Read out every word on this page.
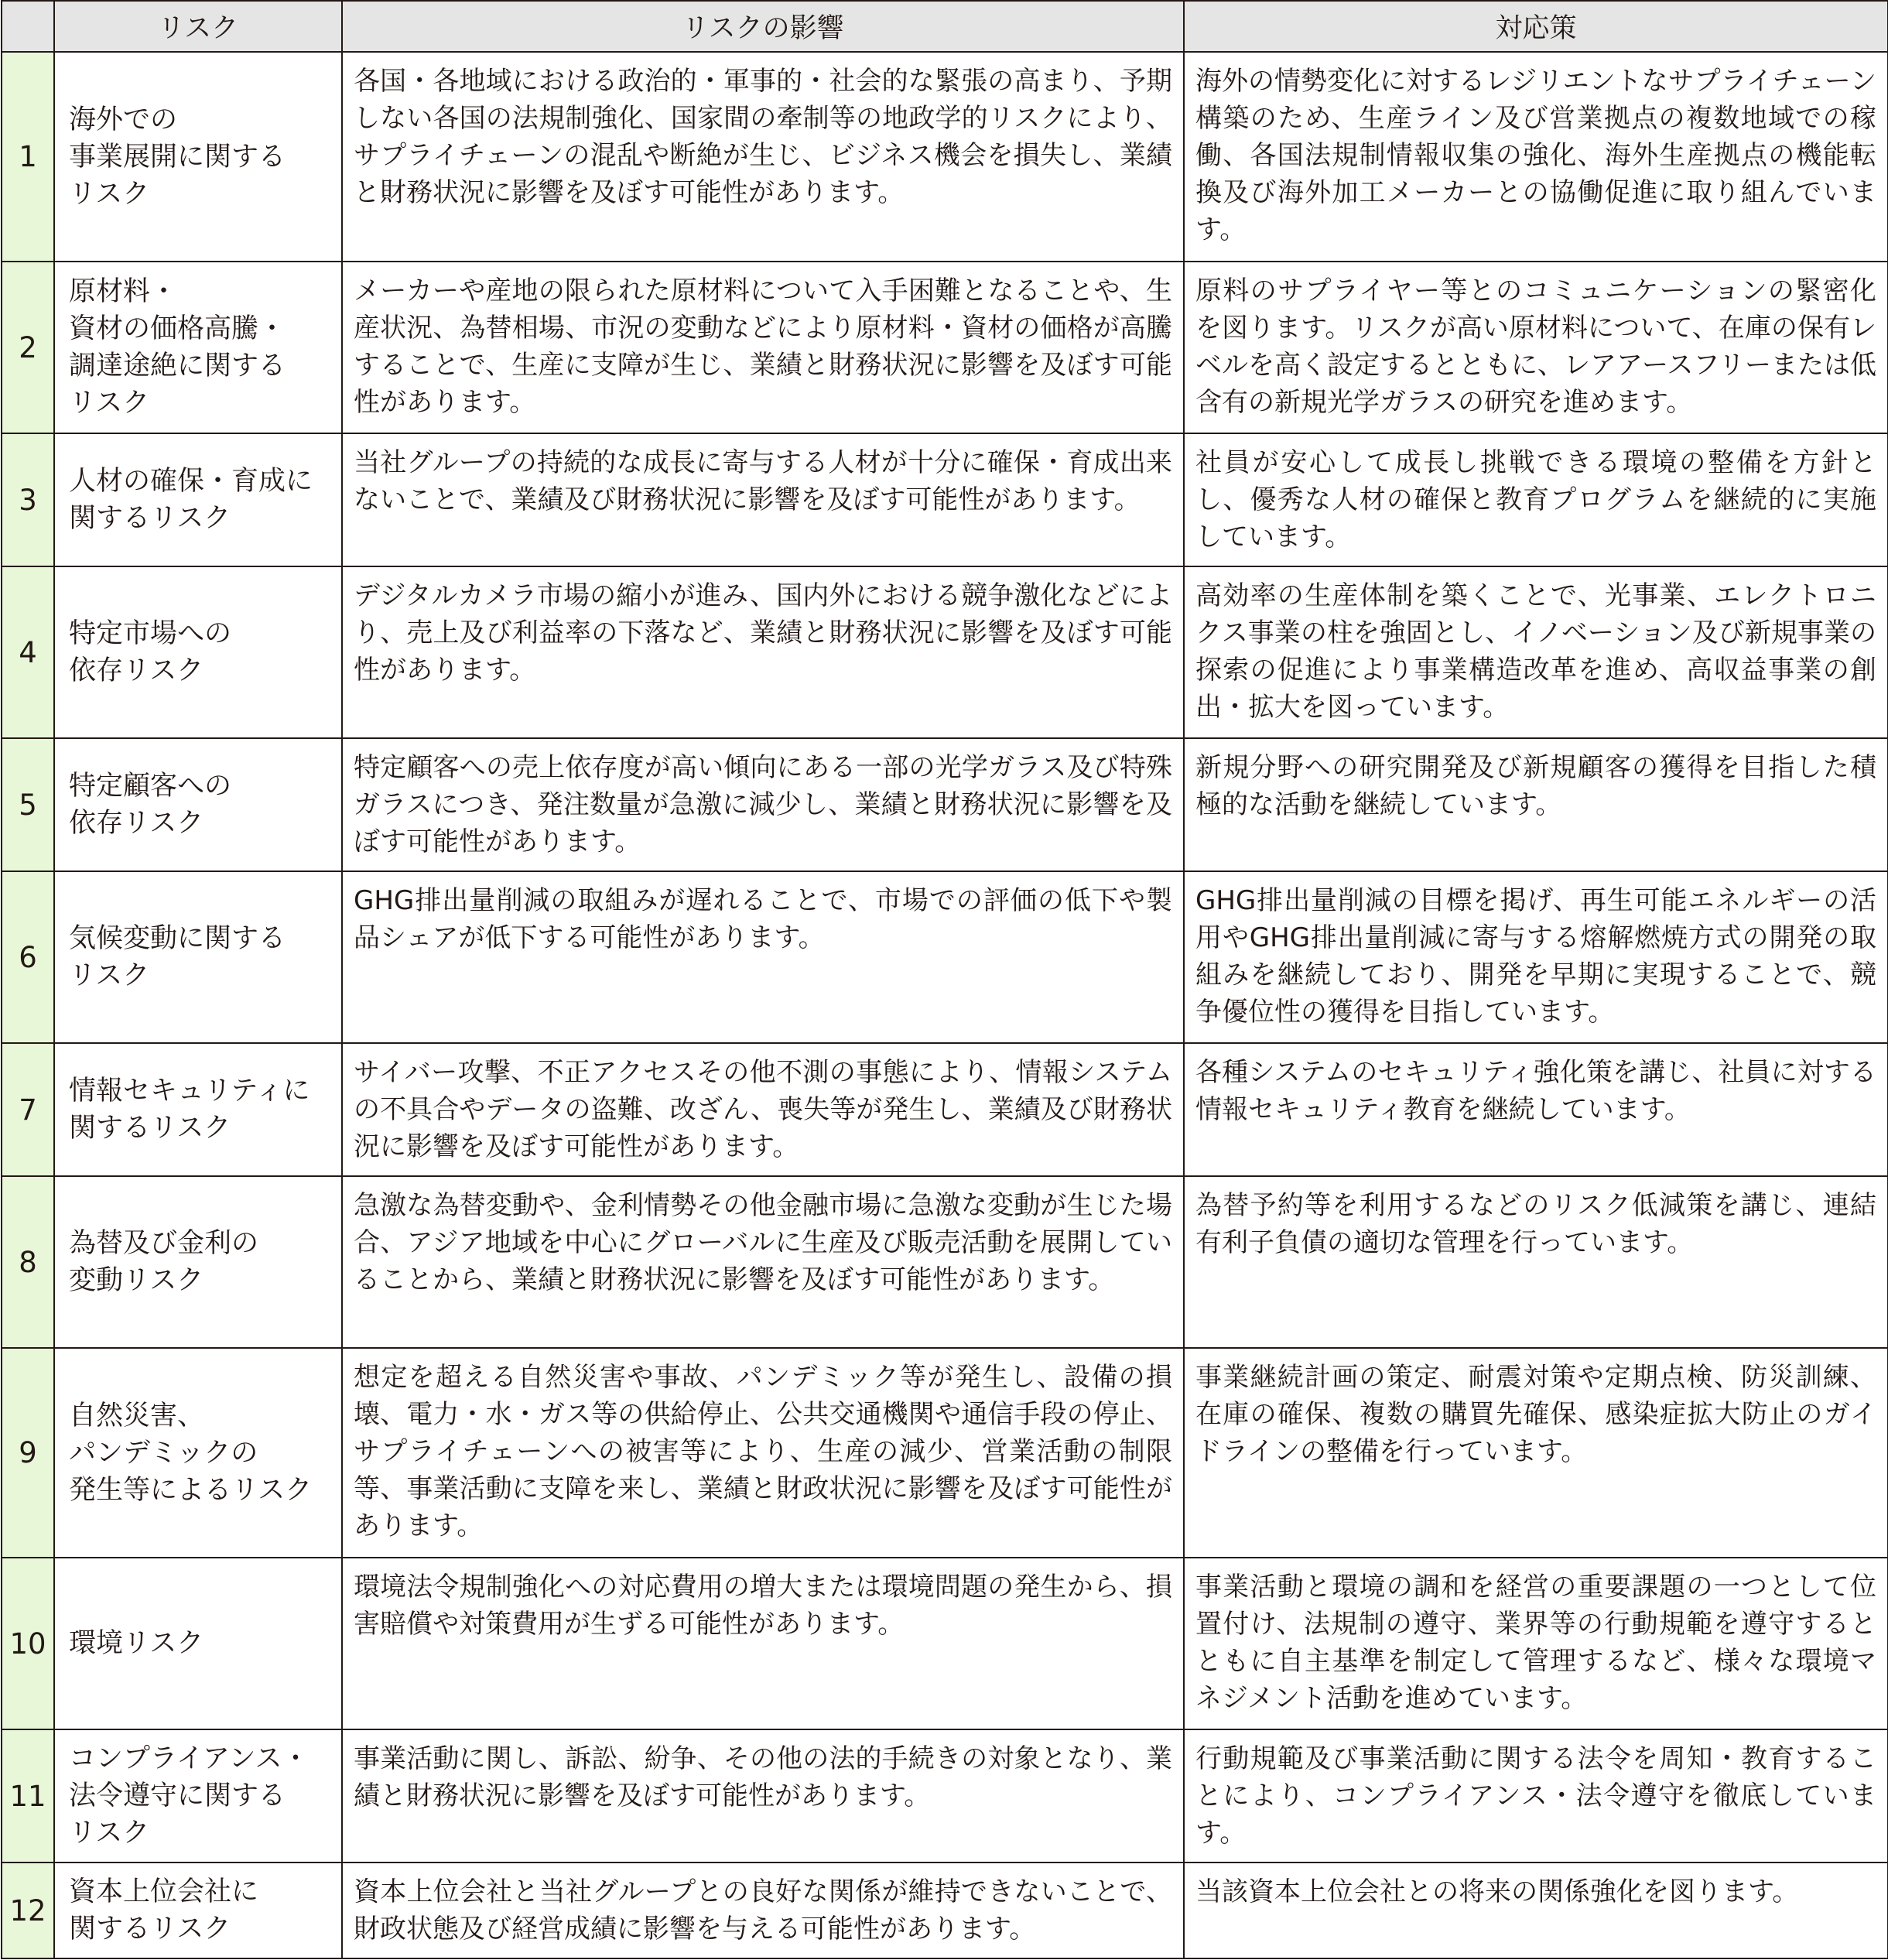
	リスク	リスクの影響	対応策
1	海外での
事業展開に関する
リスク	各国・各地域における政治的・軍事的・社会的な緊張の高まり、予期しない各国の法規制強化、国家間の牽制等の地政学的リスクにより、サプライチェーンの混乱や断絶が生じ、ビジネス機会を損失し、業績と財務状況に影響を及ぼす可能性があります。	海外の情勢変化に対するレジリエントなサプライチェーン構築のため、生産ライン及び営業拠点の複数地域での稼働、各国法規制情報収集の強化、海外生産拠点の機能転換及び海外加工メーカーとの協働促進に取り組んでいます。
2	原材料・
資材の価格高騰・
調達途絶に関する
リスク	メーカーや産地の限られた原材料について入手困難となることや、生産状況、為替相場、市況の変動などにより原材料・資材の価格が高騰することで、生産に支障が生じ、業績と財務状況に影響を及ぼす可能性があります。	原料のサプライヤー等とのコミュニケーションの緊密化を図ります。リスクが高い原材料について、在庫の保有レベルを高く設定するとともに、レアアースフリーまたは低含有の新規光学ガラスの研究を進めます。
3	人材の確保・育成に
関するリスク	当社グループの持続的な成長に寄与する人材が十分に確保・育成出来ないことで、業績及び財務状況に影響を及ぼす可能性があります。	社員が安心して成長し挑戦できる環境の整備を方針とし、優秀な人材の確保と教育プログラムを継続的に実施しています。
4	特定市場への
依存リスク	デジタルカメラ市場の縮小が進み、国内外における競争激化などにより、売上及び利益率の下落など、業績と財務状況に影響を及ぼす可能性があります。	高効率の生産体制を築くことで、光事業、エレクトロニクス事業の柱を強固とし、イノベーション及び新規事業の探索の促進により事業構造改革を進め、高収益事業の創出・拡大を図っています。
5	特定顧客への
依存リスク	特定顧客への売上依存度が高い傾向にある一部の光学ガラス及び特殊ガラスにつき、発注数量が急激に減少し、業績と財務状況に影響を及ぼす可能性があります。	新規分野への研究開発及び新規顧客の獲得を目指した積極的な活動を継続しています。
6	気候変動に関する
リスク	GHG排出量削減の取組みが遅れることで、市場での評価の低下や製品シェアが低下する可能性があります。	GHG排出量削減の目標を掲げ、再生可能エネルギーの活用やGHG排出量削減に寄与する熔解燃焼方式の開発の取組みを継続しており、開発を早期に実現することで、競争優位性の獲得を目指しています。
7	情報セキュリティに
関するリスク	サイバー攻撃、不正アクセスその他不測の事態により、情報システムの不具合やデータの盗難、改ざん、喪失等が発生し、業績及び財務状況に影響を及ぼす可能性があります。	各種システムのセキュリティ強化策を講じ、社員に対する情報セキュリティ教育を継続しています。
8	為替及び金利の
変動リスク	急激な為替変動や、金利情勢その他金融市場に急激な変動が生じた場合、アジア地域を中心にグローバルに生産及び販売活動を展開していることから、業績と財務状況に影響を及ぼす可能性があります。	為替予約等を利用するなどのリスク低減策を講じ、連結有利子負債の適切な管理を行っています。
9	自然災害、
パンデミックの
発生等によるリスク	想定を超える自然災害や事故、パンデミック等が発生し、設備の損壊、電力・水・ガス等の供給停止、公共交通機関や通信手段の停止、サプライチェーンへの被害等により、生産の減少、営業活動の制限等、事業活動に支障を来し、業績と財政状況に影響を及ぼす可能性があります。	事業継続計画の策定、耐震対策や定期点検、防災訓練、在庫の確保、複数の購買先確保、感染症拡大防止のガイドラインの整備を行っています。
10	環境リスク	環境法令規制強化への対応費用の増大または環境問題の発生から、損害賠償や対策費用が生ずる可能性があります。	事業活動と環境の調和を経営の重要課題の一つとして位置付け、法規制の遵守、業界等の行動規範を遵守するとともに自主基準を制定して管理するなど、様々な環境マネジメント活動を進めています。
11	コンプライアンス・
法令遵守に関する
リスク	事業活動に関し、訴訟、紛争、その他の法的手続きの対象となり、業績と財務状況に影響を及ぼす可能性があります。	行動規範及び事業活動に関する法令を周知・教育することにより、コンプライアンス・法令遵守を徹底しています。
12	資本上位会社に
関するリスク	資本上位会社と当社グループとの良好な関係が維持できないことで、財政状態及び経営成績に影響を与える可能性があります。	当該資本上位会社との将来の関係強化を図ります。
